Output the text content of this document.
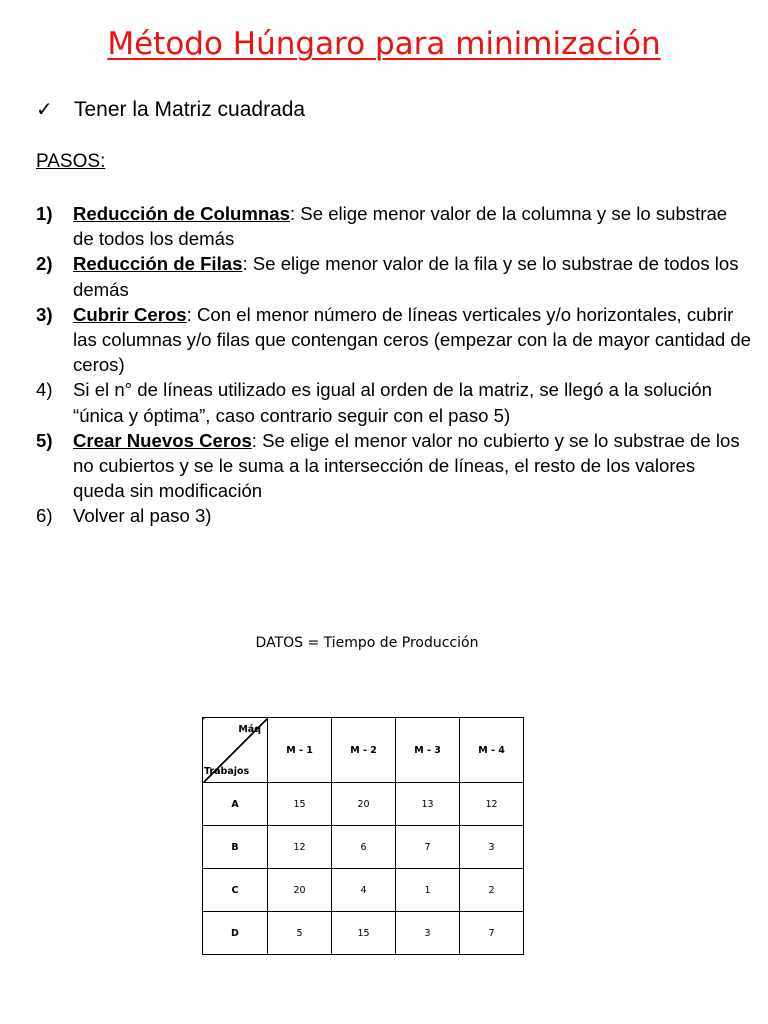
Método Húngaro para minimización
✓ Tener la Matriz cuadrada
PASOS:
1) Reducción de Columnas: Se elige menor valor de la columna y se lo substrae de todos los demás
2) Reducción de Filas: Se elige menor valor de la fila y se lo substrae de todos los demás
3) Cubrir Ceros: Con el menor número de líneas verticales y/o horizontales, cubrir las columnas y/o filas que contengan ceros (empezar con la de mayor cantidad de ceros)
4) Si el n° de líneas utilizado es igual al orden de la matriz, se llegó a la solución “única y óptima”, caso contrario seguir con el paso 5)
5) Crear Nuevos Ceros: Se elige el menor valor no cubierto y se lo substrae de los no cubiertos y se le suma a la intersección de líneas, el resto de los valores queda sin modificación
6) Volver al paso 3)
DATOS = Tiempo de Producción
Máq
Trabajos	M - 1	M - 2	M - 3	M - 4
A	15	20	13	12
B	12	6	7	3
C	20	4	1	2
D	5	15	3	7
